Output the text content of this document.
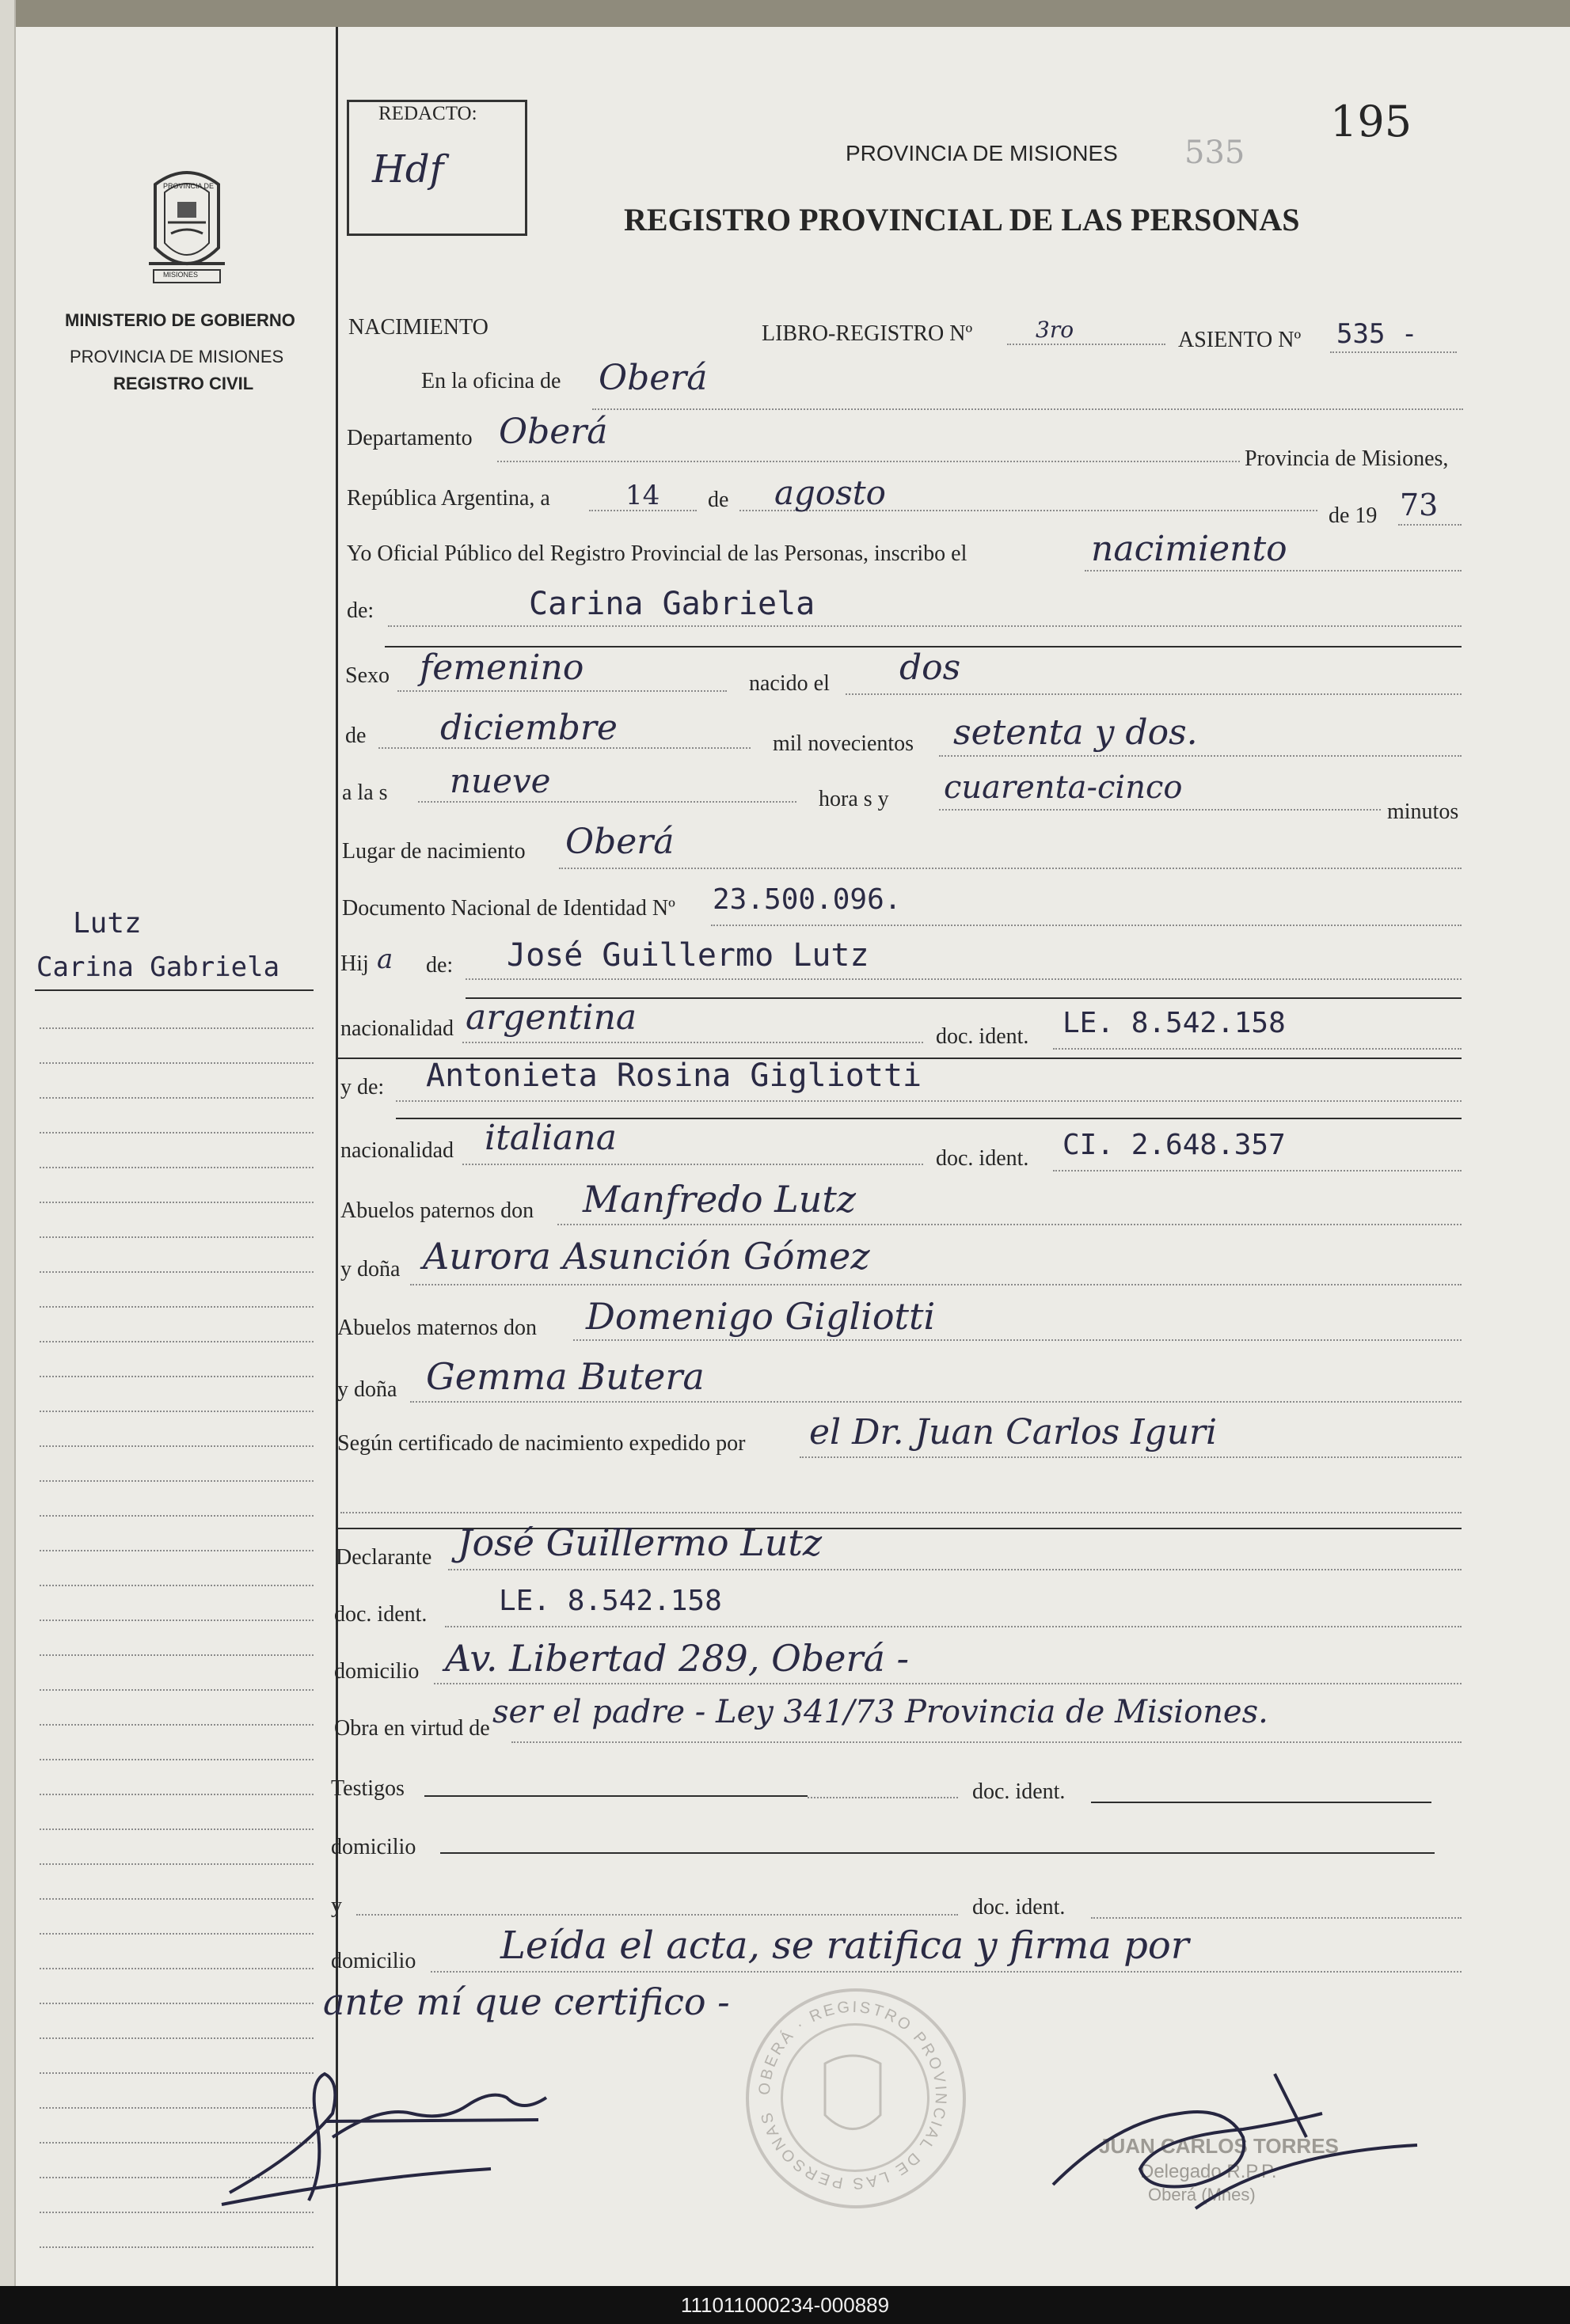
PROVINCIA DE
MISIONES
MINISTERIO DE GOBIERNO
PROVINCIA DE MISIONES
REGISTRO CIVIL
Lutz
Carina Gabriela
REDACTO:
Hdf
195
PROVINCIA DE MISIONES 535
REGISTRO PROVINCIAL DE LAS PERSONAS
NACIMIENTO	LIBRO-REGISTRO Nº	3ro	ASIENTO Nº 535 -
En la oficina de Oberá
Departamento Oberá
Provincia de Misiones,
República Argentina, a	14 de agosto
de 19 73
Yo Oficial Público del Registro Provincial de las Personas, inscribo el	nacimiento
de:	Carina Gabriela
Sexo femenino	nacido el dos
de diciembre	mil novecientos setenta y dos.
a la s nueve	hora s y cuarenta-cinco
minutos
Lugar de nacimiento Oberá
Documento Nacional de Identidad Nº 23.500.096.
Hij a de: José Guillermo Lutz
nacionalidad argentina	doc. ident. LE. 8.542.158
y de: Antonieta Rosina Gigliotti
nacionalidad italiana
doc. ident. CI. 2.648.357
Abuelos paternos don Manfredo Lutz
y doña Aurora Asunción Gómez
Abuelos maternos don Domenigo Gigliotti
y doña Gemma Butera
Según certificado de nacimiento expedido por el Dr. Juan Carlos Iguri
Declarante José Guillermo Lutz
doc. ident.	LE. 8.542.158
domicilio Av. Libertad 289, Oberá -
Obra en virtud de ser el padre - Ley 341/73 Provincia de Misiones.
Testigos	doc. ident.
domicilio
y	doc. ident.
domicilio Leída el acta, se ratifica y firma por
ante mí que certifico -
OBERÁ · REGISTRO PROVINCIAL DE LAS PERSONAS
JUAN CARLOS TORRES
Delegado R.P.P.
Oberá (Mnes)
111011000234-000889
